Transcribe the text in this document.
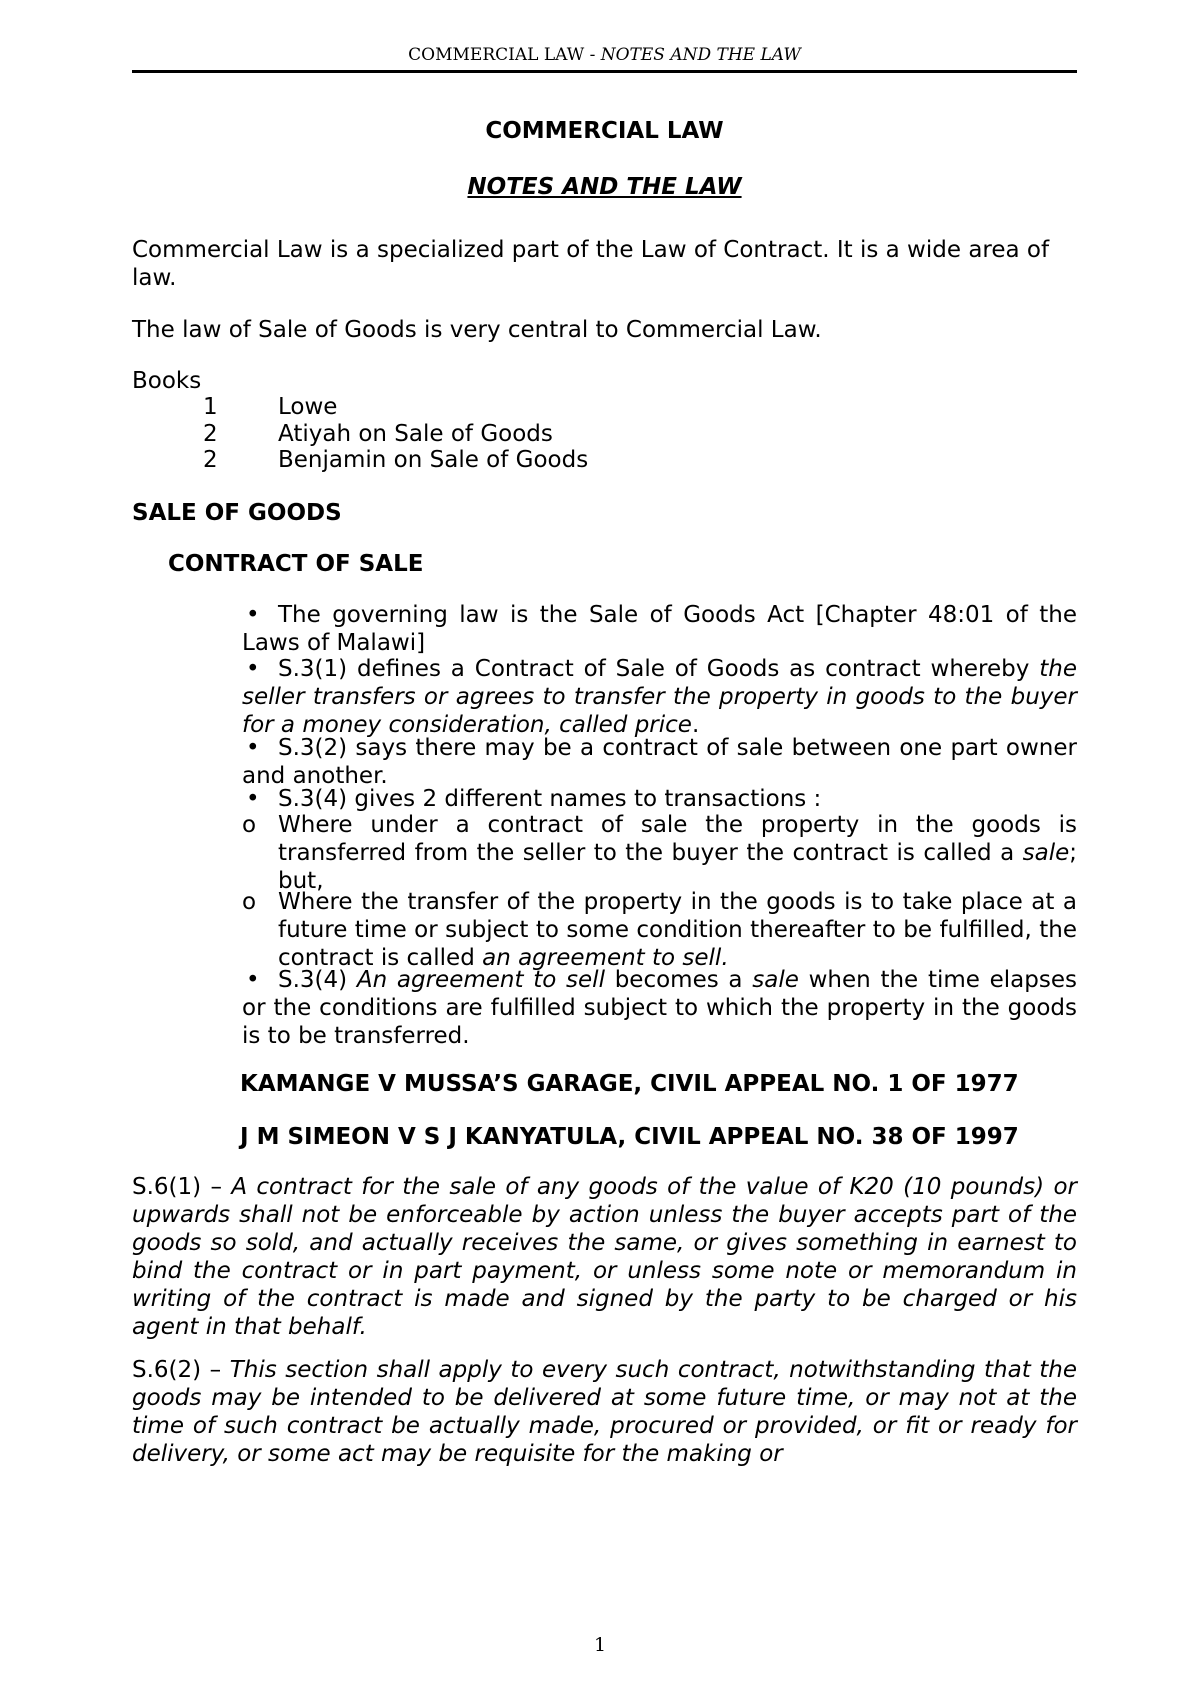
COMMERCIAL LAW - NOTES AND THE LAW
COMMERCIAL LAW
NOTES AND THE LAW
Commercial Law is a specialized part of the Law of Contract. It is a wide area of law.
The law of Sale of Goods is very central to Commercial Law.
Books
1	Lowe
2	Atiyah on Sale of Goods
2	Benjamin on Sale of Goods
SALE OF GOODS
CONTRACT OF SALE
• The governing law is the Sale of Goods Act [Chapter 48:01 of the Laws of Malawi]
• S.3(1) defines a Contract of Sale of Goods as contract whereby the seller transfers or agrees to transfer the property in goods to the buyer for a money consideration, called price.
• S.3(2) says there may be a contract of sale between one part owner and another.
• S.3(4) gives 2 different names to transactions :
o Where under a contract of sale the property in the goods is transferred from the seller to the buyer the contract is called a sale; but,
o Where the transfer of the property in the goods is to take place at a future time or subject to some condition thereafter to be fulfilled, the contract is called an agreement to sell.
• S.3(4) An agreement to sell becomes a sale when the time elapses or the conditions are fulfilled subject to which the property in the goods is to be transferred.
KAMANGE V MUSSA’S GARAGE, CIVIL APPEAL NO. 1 OF 1977
J M SIMEON V S J KANYATULA, CIVIL APPEAL NO. 38 OF 1997
S.6(1) – A contract for the sale of any goods of the value of K20 (10 pounds) or upwards shall not be enforceable by action unless the buyer accepts part of the goods so sold, and actually receives the same, or gives something in earnest to bind the contract or in part payment, or unless some note or memorandum in writing of the contract is made and signed by the party to be charged or his agent in that behalf.
S.6(2) – This section shall apply to every such contract, notwithstanding that the goods may be intended to be delivered at some future time, or may not at the time of such contract be actually made, procured or provided, or fit or ready for delivery, or some act may be requisite for the making or
1
